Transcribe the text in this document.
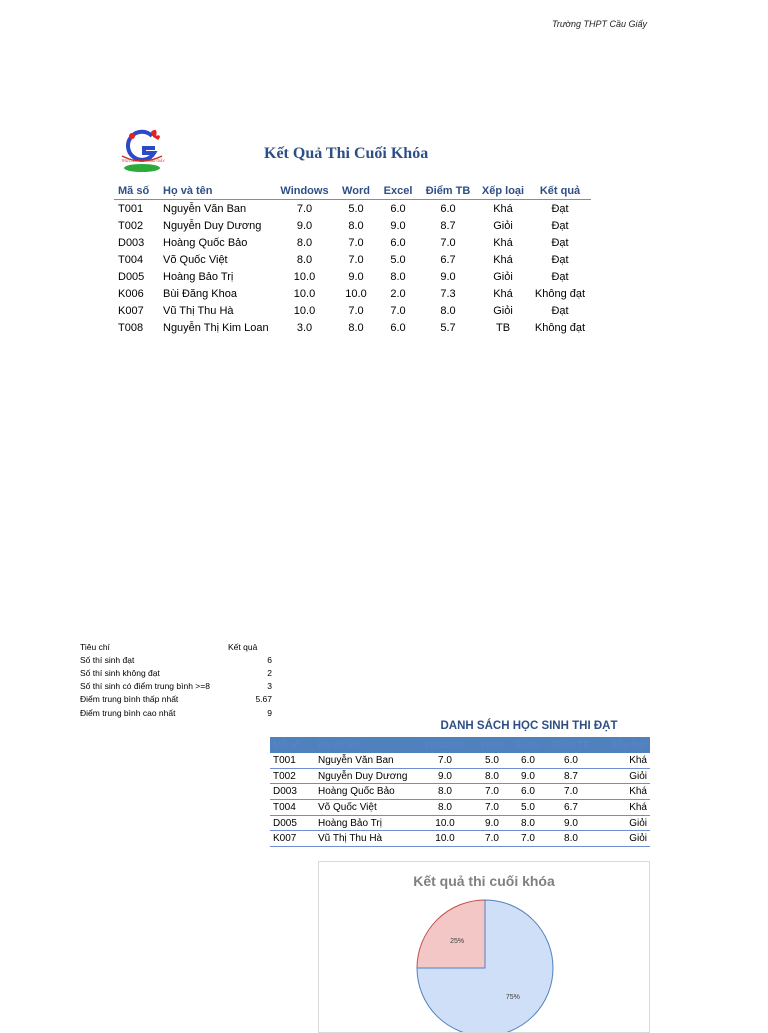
Trường THPT Cầu Giấy
TRƯỜNG THPT CẦU GIẤY	Kết Quả Thi Cuối Khóa
Mã số	Họ và tên	Windows	Word	Excel	Điểm TB	Xếp loại	Kết quả
T001	Nguyễn Văn Ban	7.0	5.0	6.0	6.0	Khá	Đạt
T002	Nguyễn Duy Dương	9.0	8.0	9.0	8.7	Giỏi	Đạt
D003	Hoàng Quốc Bảo	8.0	7.0	6.0	7.0	Khá	Đạt
T004	Võ Quốc Việt	8.0	7.0	5.0	6.7	Khá	Đạt
D005	Hoàng Bảo Trị	10.0	9.0	8.0	9.0	Giỏi	Đạt
K006	Bùi Đăng Khoa	10.0	10.0	2.0	7.3	Khá	Không đạt
K007	Vũ Thị Thu Hà	10.0	7.0	7.0	8.0	Giỏi	Đạt
T008	Nguyễn Thị Kim Loan	3.0	8.0	6.0	5.7	TB	Không đạt
Tiêu chí	Kết quả
Số thí sinh đạt	6
Số thí sinh không đạt	2
Số thí sinh có điểm trung bình >=8	3
Điểm trung bình thấp nhất	5.67
Điểm trung bình cao nhất	9
DANH SÁCH HỌC SINH THI ĐẠT
Mã số	Họ và tên	Windows	Word	Excel	Điểm TB	Xếp loại
T001	Nguyễn Văn Ban	7.0	5.0	6.0	6.0	Khá
T002	Nguyễn Duy Dương	9.0	8.0	9.0	8.7	Giỏi
D003	Hoàng Quốc Bảo	8.0	7.0	6.0	7.0	Khá
T004	Võ Quốc Việt	8.0	7.0	5.0	6.7	Khá
D005	Hoàng Bảo Trị	10.0	9.0	8.0	9.0	Giỏi
K007	Vũ Thị Thu Hà	10.0	7.0	7.0	8.0	Giỏi
Kết quả thi cuối khóa
25%
75%
